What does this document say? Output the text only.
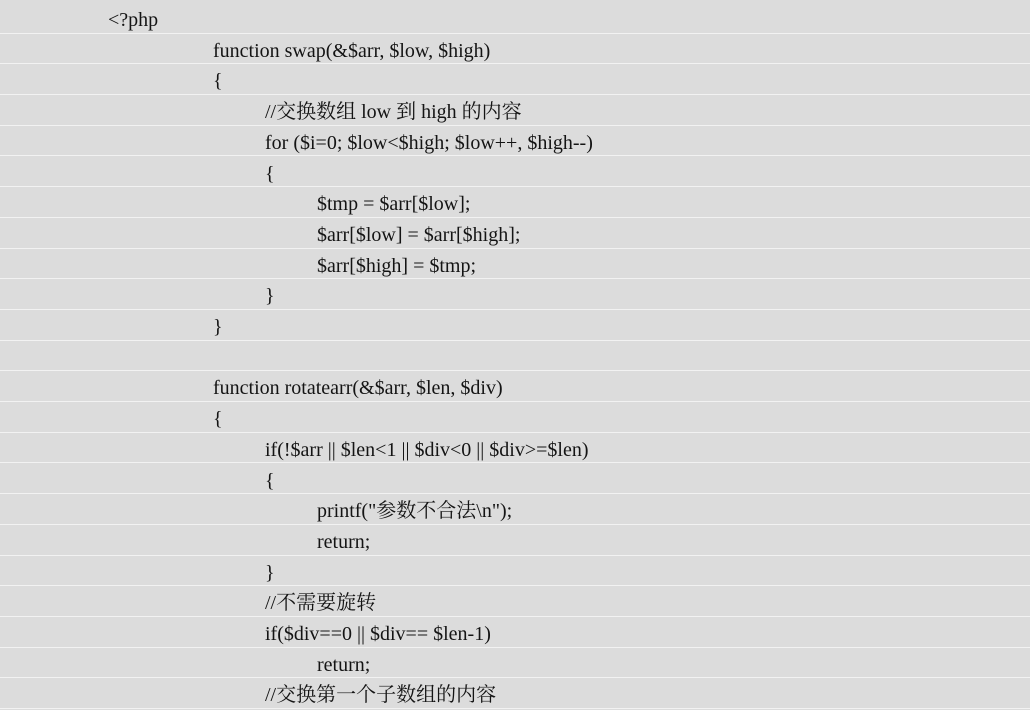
<?php
function swap(&$arr, $low, $high)
{
//交换数组 low 到 high 的内容
for ($i=0; $low<$high; $low++, $high--)
{
$tmp = $arr[$low];
$arr[$low] = $arr[$high];
$arr[$high] = $tmp;
}
}
function rotatearr(&$arr, $len, $div)
{
if(!$arr || $len<1 || $div<0 || $div>=$len)
{
printf("参数不合法\n");
return;
}
//不需要旋转
if($div==0 || $div== $len-1)
return;
//交换第一个子数组的内容
